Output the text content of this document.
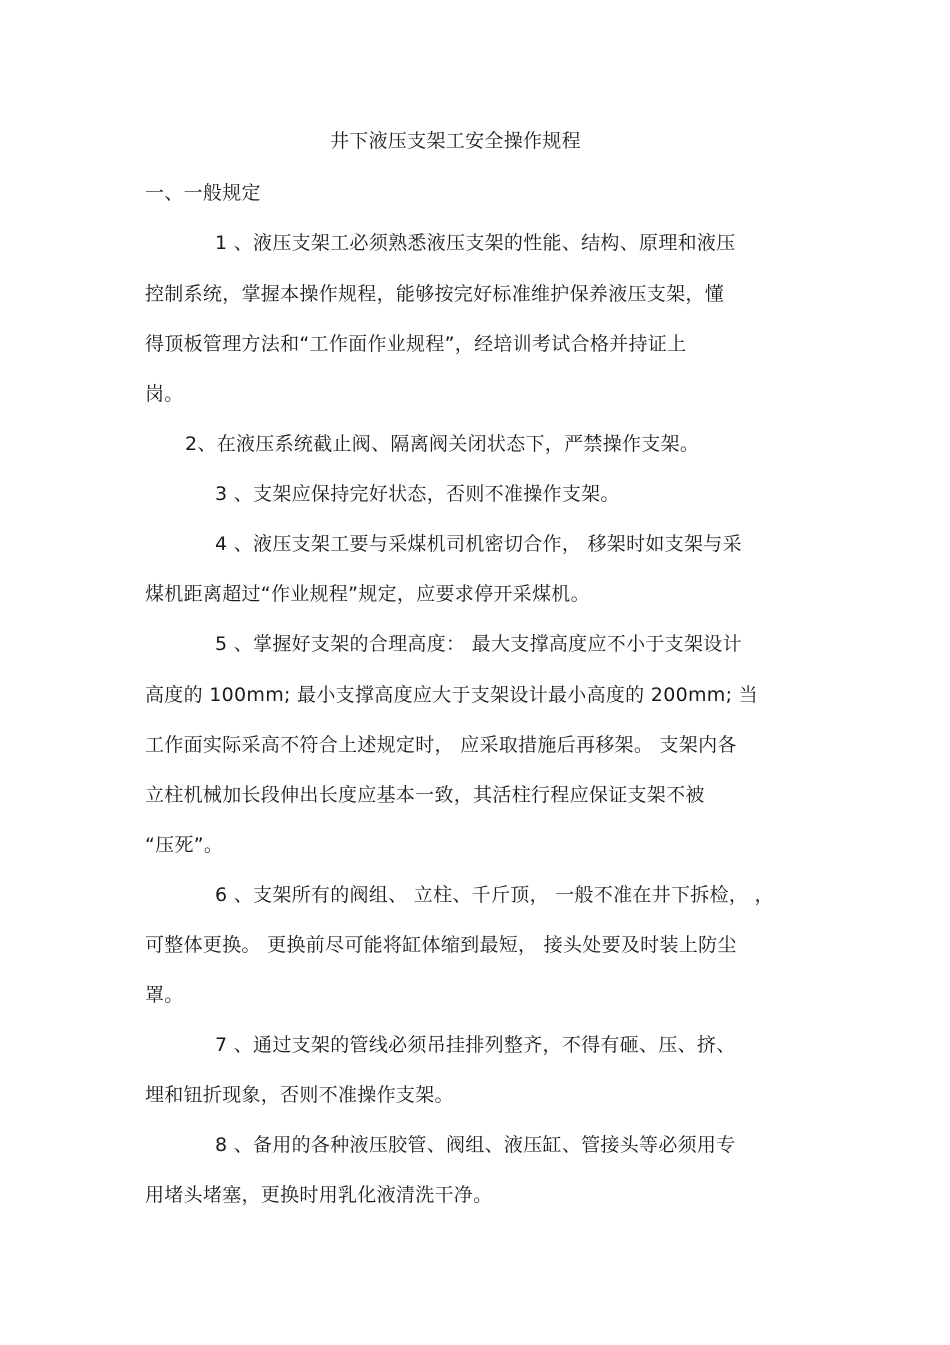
井下液压支架工安全操作规程
一、一般规定
1 、液压支架工必须熟悉液压支架的性能、结构、原理和液压
控制系统，掌握本操作规程，能够按完好标准维护保养液压支架，懂
得顶板管理方法和“工作面作业规程”，经培训考试合格并持证上
岗。
2、在液压系统截止阀、隔离阀关闭状态下，严禁操作支架。
3 、支架应保持完好状态，否则不准操作支架。
4 、液压支架工要与采煤机司机密切合作， 移架时如支架与采
煤机距离超过“作业规程”规定，应要求停开采煤机。
5 、掌握好支架的合理高度： 最大支撑高度应不小于支架设计
高度的 100mm; 最小支撑高度应大于支架设计最小高度的 200mm; 当
工作面实际采高不符合上述规定时， 应采取措施后再移架。 支架内各
立柱机械加长段伸出长度应基本一致，其活柱行程应保证支架不被
“压死”。
6 、支架所有的阀组、 立柱、千斤顶， 一般不准在井下拆检， ，
可整体更换。 更换前尽可能将缸体缩到最短， 接头处要及时装上防尘
罩。
7 、通过支架的管线必须吊挂排列整齐，不得有砸、压、挤、
埋和钮折现象，否则不准操作支架。
8 、备用的各种液压胶管、阀组、液压缸、管接头等必须用专
用堵头堵塞，更换时用乳化液清洗干净。
